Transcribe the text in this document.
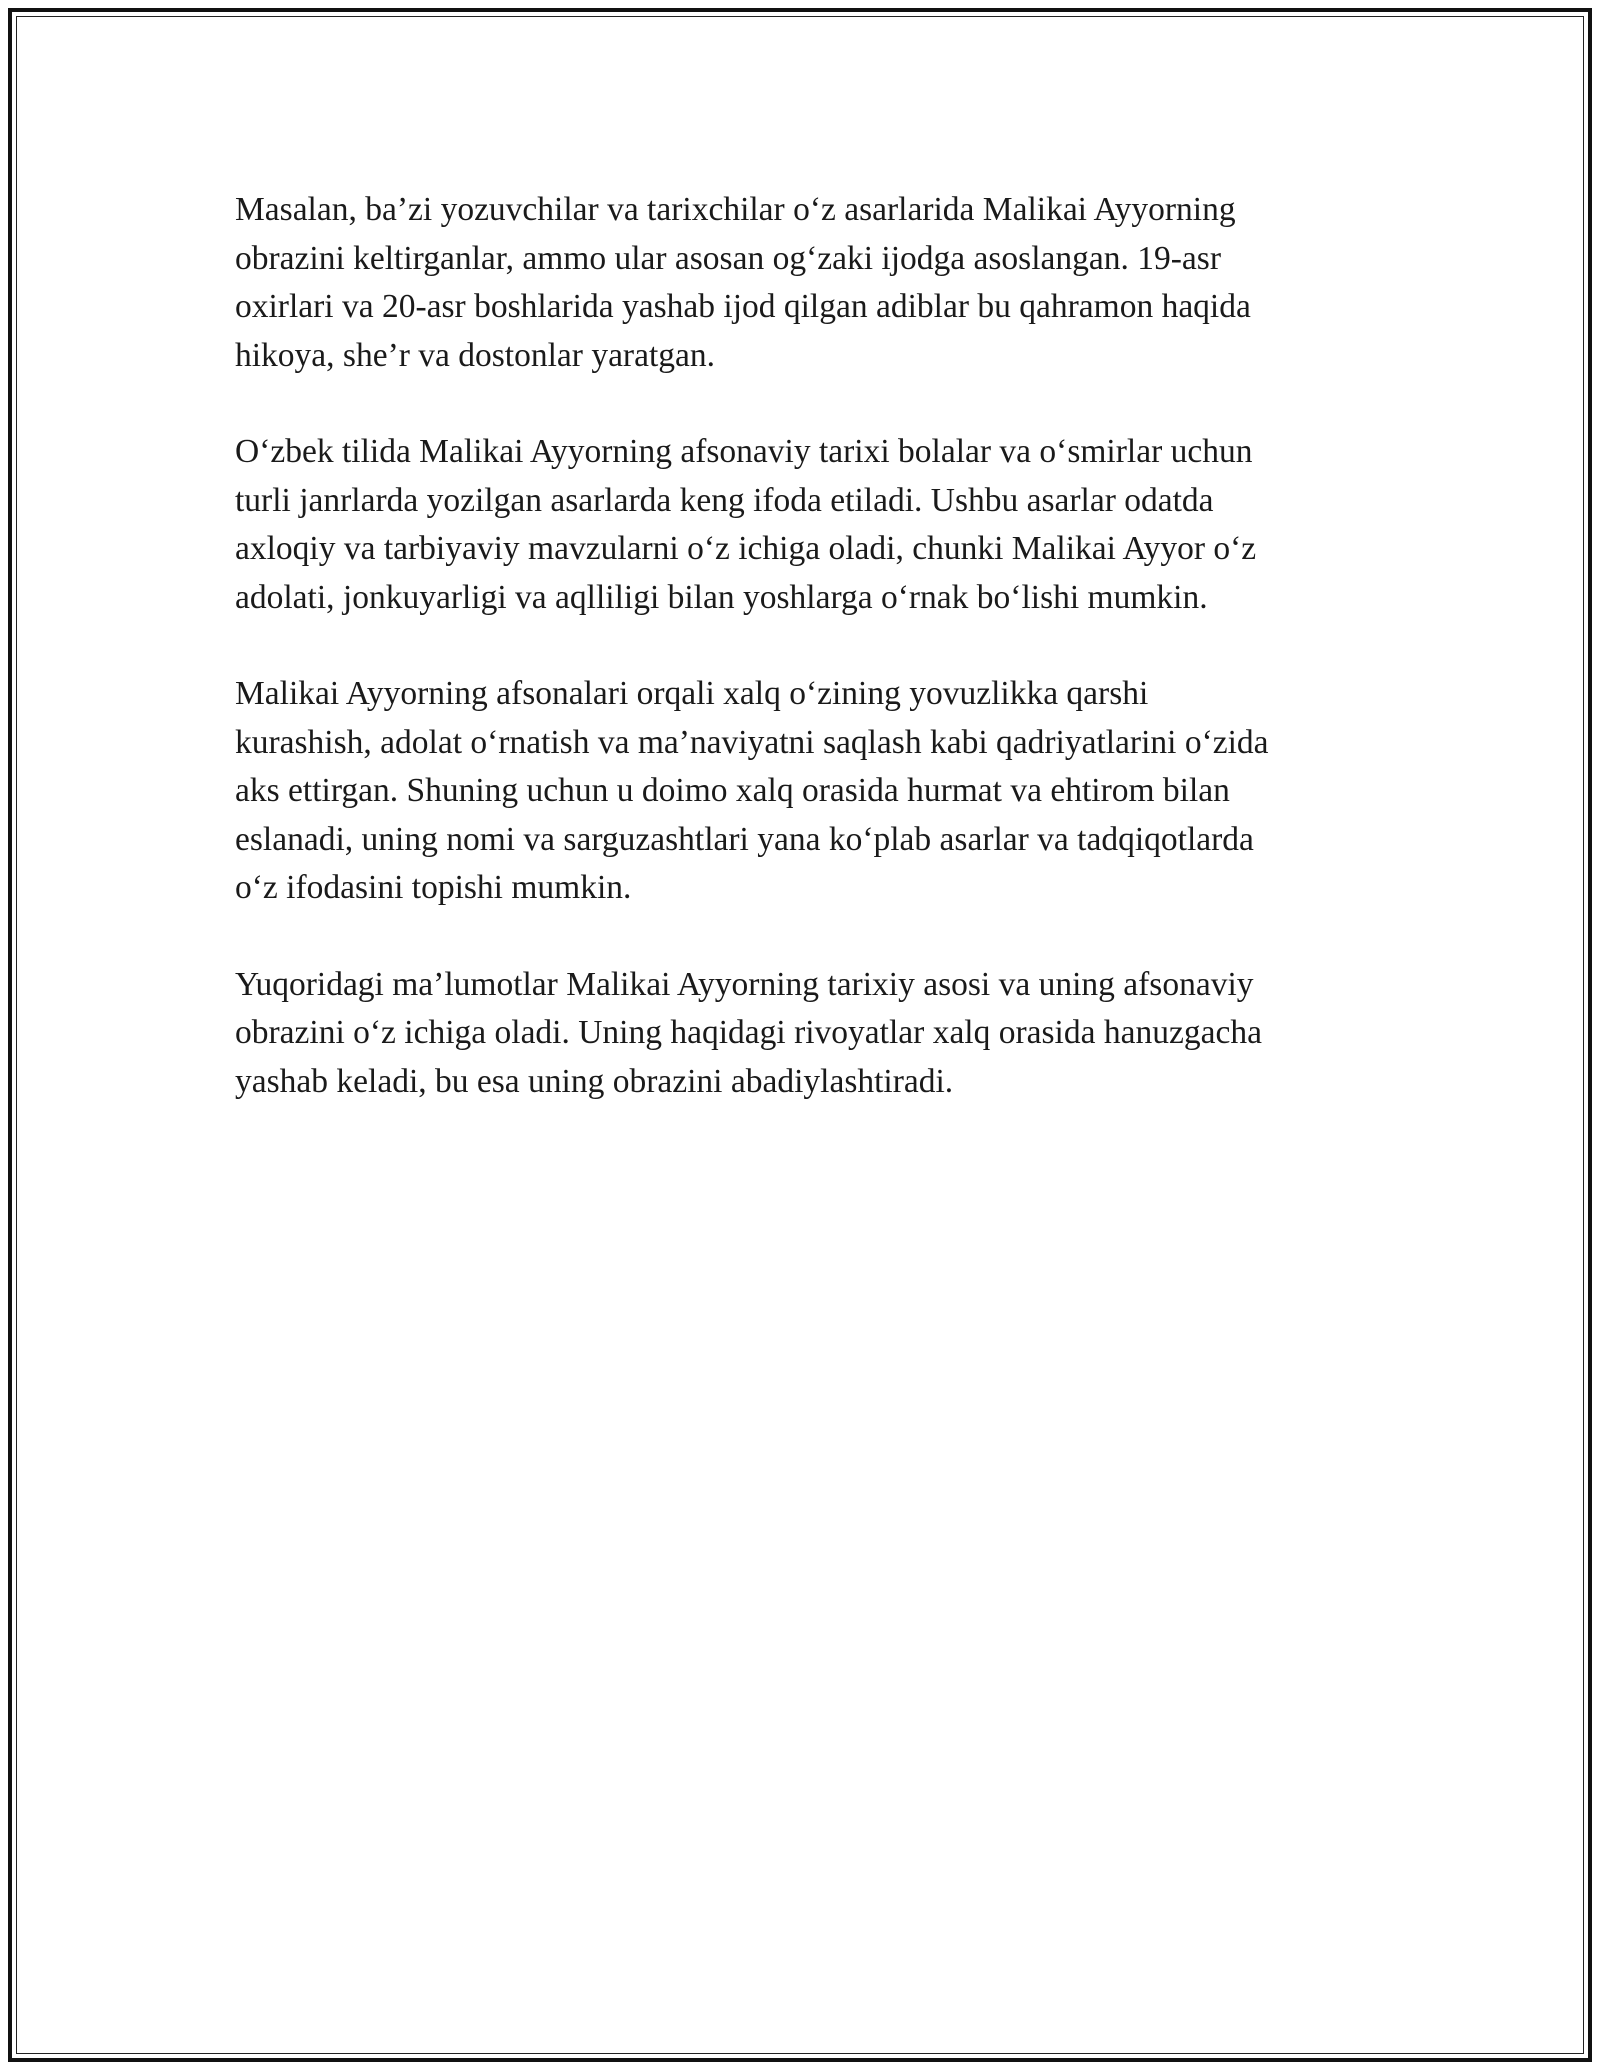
Masalan, ba’zi yozuvchilar va tarixchilar o‘z asarlarida Malikai Ayyorning
obrazini keltirganlar, ammo ular asosan og‘zaki ijodga asoslangan. 19-asr
oxirlari va 20-asr boshlarida yashab ijod qilgan adiblar bu qahramon haqida
hikoya, she’r va dostonlar yaratgan.

O‘zbek tilida Malikai Ayyorning afsonaviy tarixi bolalar va o‘smirlar uchun
turli janrlarda yozilgan asarlarda keng ifoda etiladi. Ushbu asarlar odatda
axloqiy va tarbiyaviy mavzularni o‘z ichiga oladi, chunki Malikai Ayyor o‘z
adolati, jonkuyarligi va aqlliligi bilan yoshlarga o‘rnak bo‘lishi mumkin.

Malikai Ayyorning afsonalari orqali xalq o‘zining yovuzlikka qarshi
kurashish, adolat o‘rnatish va ma’naviyatni saqlash kabi qadriyatlarini o‘zida
aks ettirgan. Shuning uchun u doimo xalq orasida hurmat va ehtirom bilan
eslanadi, uning nomi va sarguzashtlari yana ko‘plab asarlar va tadqiqotlarda
o‘z ifodasini topishi mumkin.

Yuqoridagi ma’lumotlar Malikai Ayyorning tarixiy asosi va uning afsonaviy
obrazini o‘z ichiga oladi. Uning haqidagi rivoyatlar xalq orasida hanuzgacha
yashab keladi, bu esa uning obrazini abadiylashtiradi.
